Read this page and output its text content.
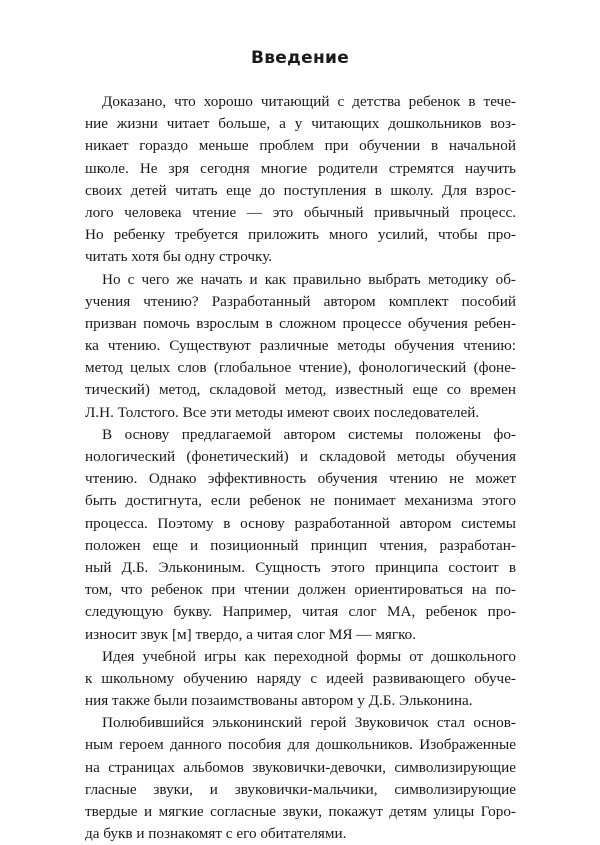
Введение
Доказано, что хорошо читающий с детства ребенок в тече-
ние жизни читает больше, а у читающих дошкольников воз-
никает гораздо меньше проблем при обучении в начальной
школе. Не зря сегодня многие родители стремятся научить
своих детей читать еще до поступления в школу. Для взрос-
лого человека чтение — это обычный привычный процесс.
Но ребенку требуется приложить много усилий, чтобы про-
читать хотя бы одну строчку.
Но с чего же начать и как правильно выбрать методику об-
учения чтению? Разработанный автором комплект пособий
призван помочь взрослым в сложном процессе обучения ребен-
ка чтению. Существуют различные методы обучения чтению:
метод целых слов (глобальное чтение), фонологический (фоне-
тический) метод, складовой метод, известный еще со времен
Л.Н. Толстого. Все эти методы имеют своих последователей.
В основу предлагаемой автором системы положены фо-
нологический (фонетический) и складовой методы обучения
чтению. Однако эффективность обучения чтению не может
быть достигнута, если ребенок не понимает механизма этого
процесса. Поэтому в основу разработанной автором системы
положен еще и позиционный принцип чтения, разработан-
ный Д.Б. Элькониным. Сущность этого принципа состоит в
том, что ребенок при чтении должен ориентироваться на по-
следующую букву. Например, читая слог МА, ребенок про-
износит звук [м] твердо, а читая слог МЯ — мягко.
Идея учебной игры как переходной формы от дошкольного
к школьному обучению наряду с идеей развивающего обуче-
ния также были позаимствованы автором у Д.Б. Эльконина.
Полюбившийся эльконинский герой Звуковичок стал основ-
ным героем данного пособия для дошкольников. Изображенные
на страницах альбомов звуковички-девочки, символизирующие
гласные звуки, и звуковички-мальчики, символизирующие
твердые и мягкие согласные звуки, покажут детям улицы Горо-
да букв и познакомят с его обитателями.
